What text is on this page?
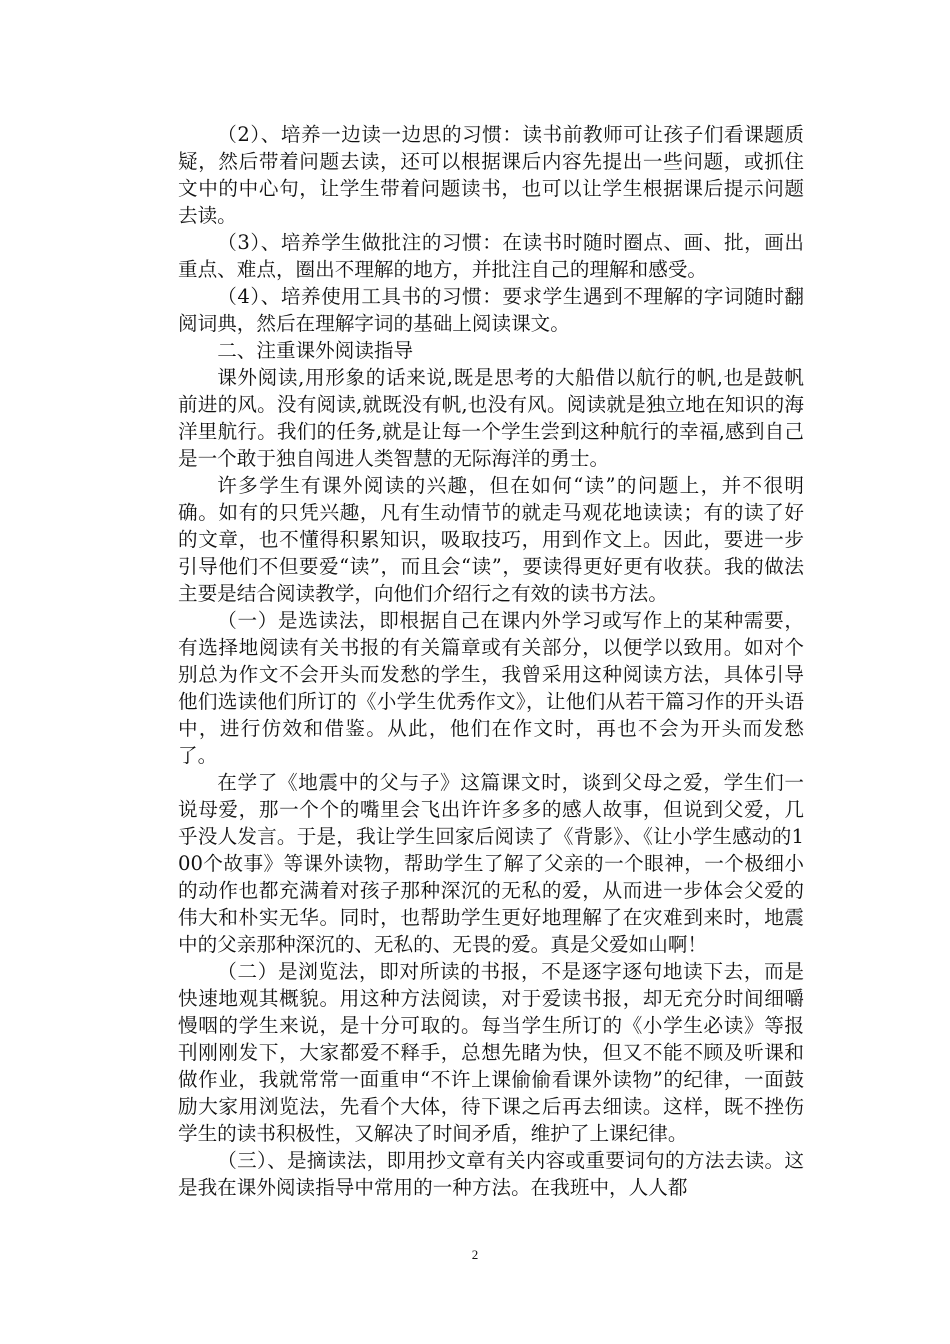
（2）、培养一边读一边思的习惯：读书前教师可让孩子们看课题质疑，然后带着问题去读，还可以根据课后内容先提出一些问题，或抓住文中的中心句，让学生带着问题读书，也可以让学生根据课后提示问题去读。

（3）、培养学生做批注的习惯：在读书时随时圈点、画、批，画出重点、难点，圈出不理解的地方，并批注自己的理解和感受。

（4）、培养使用工具书的习惯：要求学生遇到不理解的字词随时翻阅词典，然后在理解字词的基础上阅读课文。

二、注重课外阅读指导

课外阅读,用形象的话来说,既是思考的大船借以航行的帆,也是鼓帆前进的风。没有阅读,就既没有帆,也没有风。阅读就是独立地在知识的海洋里航行。我们的任务,就是让每一个学生尝到这种航行的幸福,感到自己是一个敢于独自闯进人类智慧的无际海洋的勇士。

许多学生有课外阅读的兴趣，但在如何“读”的问题上，并不很明确。如有的只凭兴趣，凡有生动情节的就走马观花地读读；有的读了好的文章，也不懂得积累知识，吸取技巧，用到作文上。因此，要进一步引导他们不但要爱“读”，而且会“读”，要读得更好更有收获。我的做法主要是结合阅读教学，向他们介绍行之有效的读书方法。

（一）是选读法，即根据自己在课内外学习或写作上的某种需要，有选择地阅读有关书报的有关篇章或有关部分，以便学以致用。如对个别总为作文不会开头而发愁的学生，我曾采用这种阅读方法，具体引导他们选读他们所订的《小学生优秀作文》，让他们从若干篇习作的开头语中，进行仿效和借鉴。从此，他们在作文时，再也不会为开头而发愁了。

在学了《地震中的父与子》这篇课文时，谈到父母之爱，学生们一说母爱，那一个个的嘴里会飞出许许多多的感人故事，但说到父爱，几乎没人发言。于是，我让学生回家后阅读了《背影》、《让小学生感动的100个故事》等课外读物，帮助学生了解了父亲的一个眼神，一个极细小的动作也都充满着对孩子那种深沉的无私的爱，从而进一步体会父爱的伟大和朴实无华。同时，也帮助学生更好地理解了在灾难到来时，地震中的父亲那种深沉的、无私的、无畏的爱。真是父爱如山啊！

（二）是浏览法，即对所读的书报，不是逐字逐句地读下去，而是快速地观其概貌。用这种方法阅读，对于爱读书报，却无充分时间细嚼慢咽的学生来说，是十分可取的。每当学生所订的《小学生必读》等报刊刚刚发下，大家都爱不释手，总想先睹为快，但又不能不顾及听课和做作业，我就常常一面重申“不许上课偷偷看课外读物”的纪律，一面鼓励大家用浏览法，先看个大体，待下课之后再去细读。这样，既不挫伤学生的读书积极性，又解决了时间矛盾，维护了上课纪律。

（三）、是摘读法，即用抄文章有关内容或重要词句的方法去读。这是我在课外阅读指导中常用的一种方法。在我班中，人人都

2
